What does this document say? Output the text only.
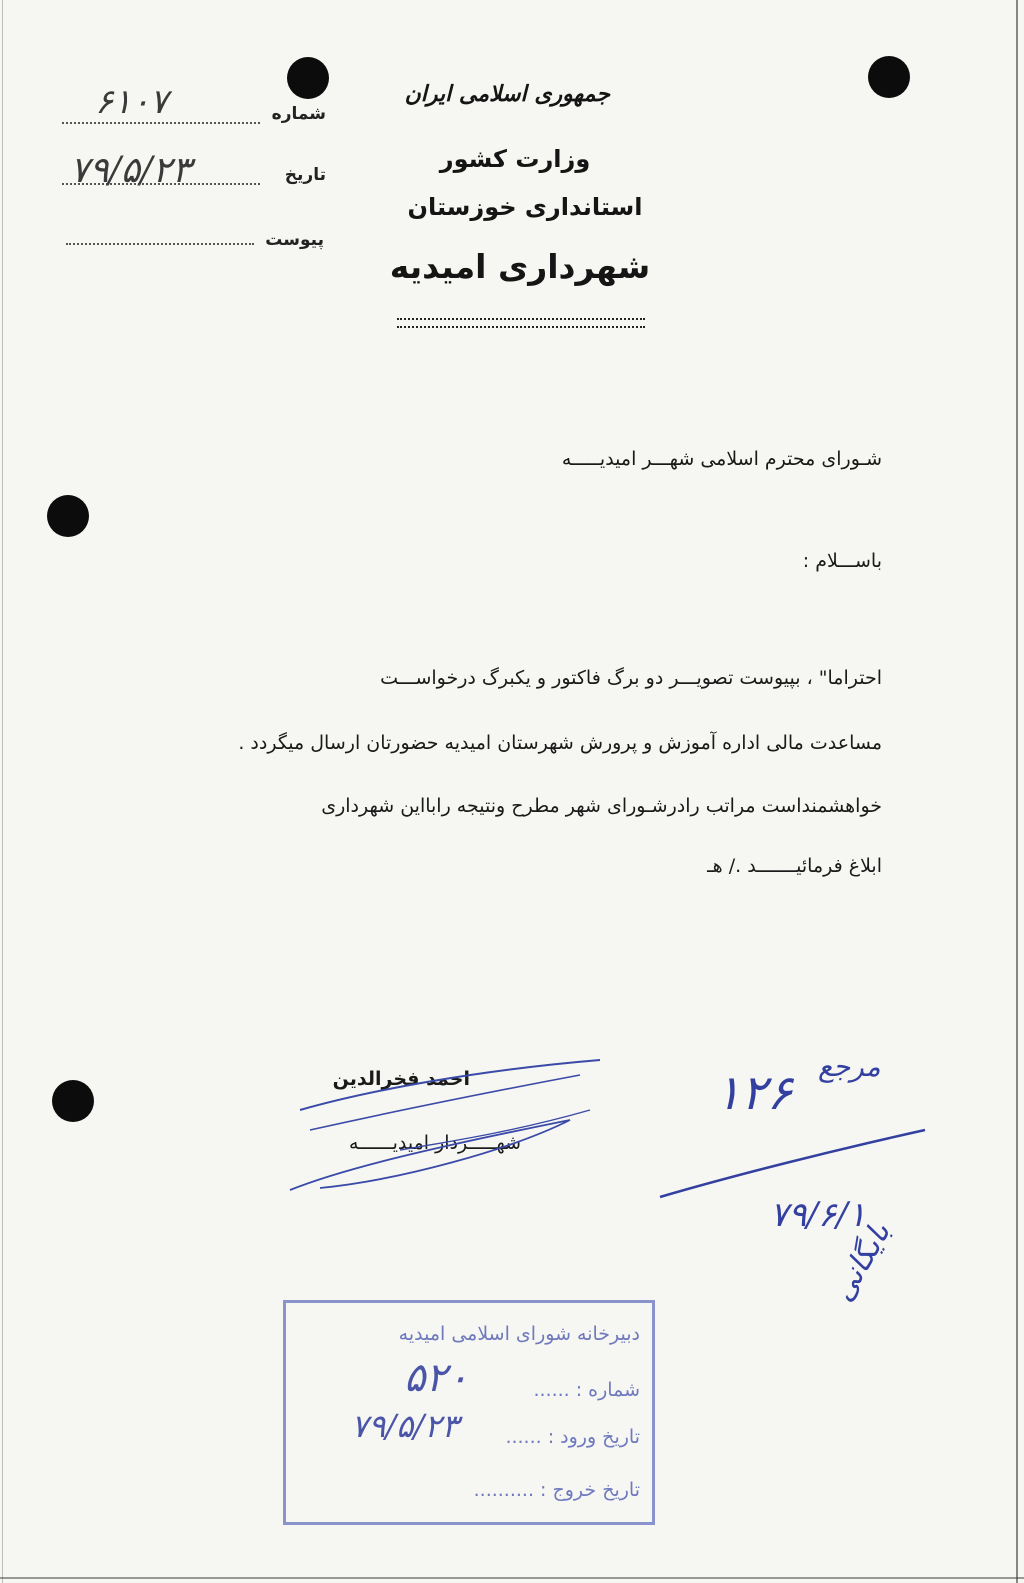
جمهوری اسلامی ایران
وزارت کشور
استانداری خوزستان
شهرداری امیدیه
شماره
۶۱۰۷
تاریخ
۷۹/۵/۲۳
پیوست
شـورای محترم اسلامی شهـــر امیدیـــــه
باســـلام :
احتراما" ، بپیوست تصویـــر دو برگ فاکتور و یکبرگ درخواســـت
مساعدت مالی اداره آموزش و پرورش شهرستان امیدیه حضورتان ارسال میگردد .
خواهشمنداست مراتب رادرشـورای شهر مطرح ونتیجه رابااین شهرداری
ابلاغ فرمائیـــــــد ./ هـ
احمد فخرالدین
شهـــــردار امیدیــــــه
مرجع
۱۲۶
۷۹/۶/۱
بایگانی
دبیرخانه شورای اسلامی امیدیه
شماره : ......
۵۲۰
تاریخ ورود : ......
۷۹/۵/۲۳
تاریخ خروج : ..........
